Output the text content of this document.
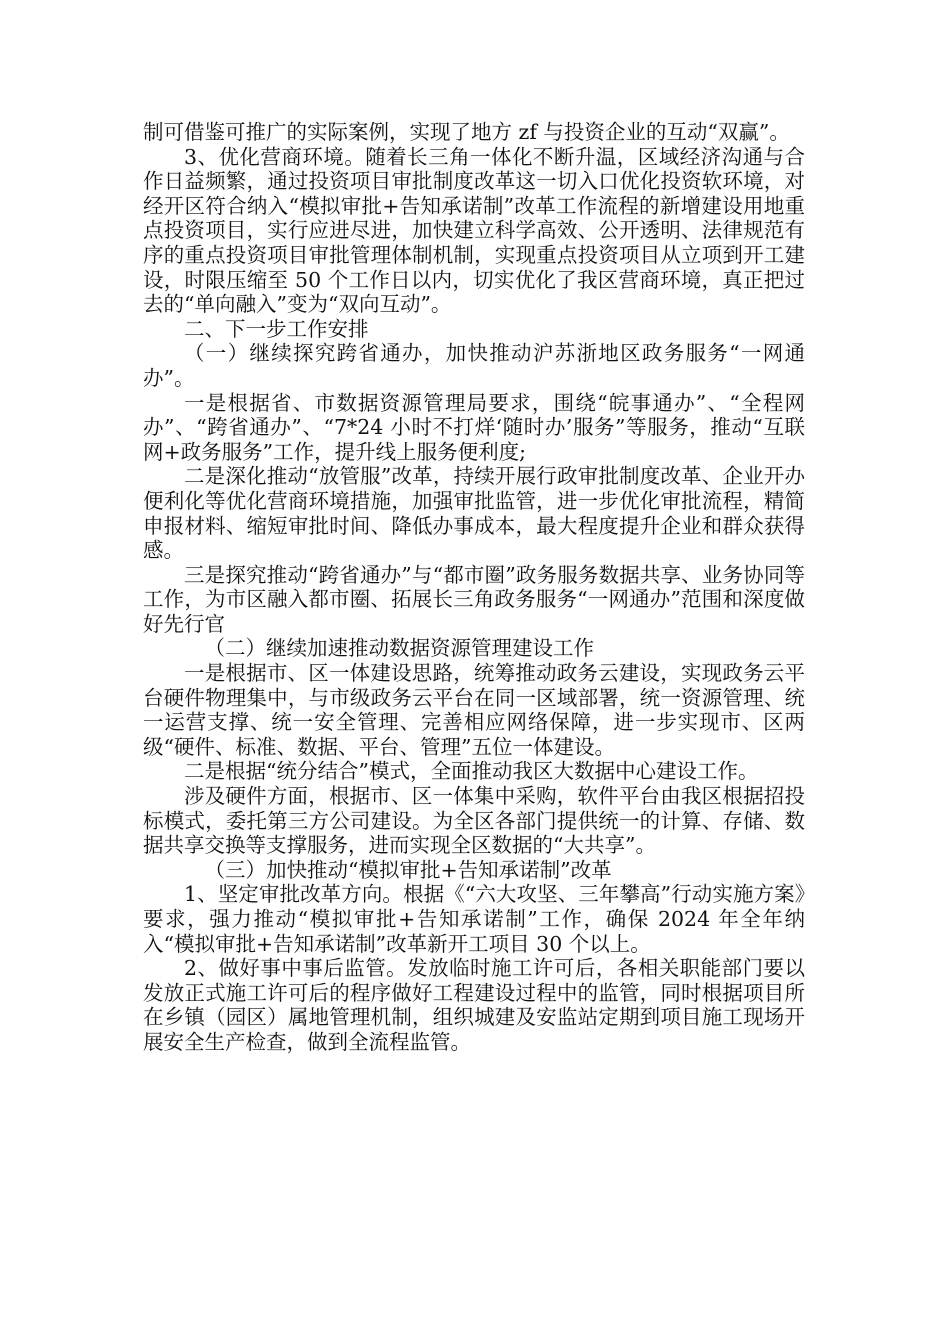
制可借鉴可推广的实际案例，实现了地方 zf 与投资企业的互动“双赢”。

3、优化营商环境。随着长三角一体化不断升温，区域经济沟通与合作日益频繁，通过投资项目审批制度改革这一切入口优化投资软环境，对经开区符合纳入“模拟审批+告知承诺制”改革工作流程的新增建设用地重点投资项目，实行应进尽进，加快建立科学高效、公开透明、法律规范有序的重点投资项目审批管理体制机制，实现重点投资项目从立项到开工建设，时限压缩至 50 个工作日以内，切实优化了我区营商环境，真正把过去的“单向融入”变为“双向互动”。

二、下一步工作安排

（一）继续探究跨省通办，加快推动沪苏浙地区政务服务“一网通办”。

一是根据省、市数据资源管理局要求，围绕“皖事通办”、“全程网办”、“跨省通办”、“7*24 小时不打烊‘随时办’服务”等服务，推动“互联网+政务服务”工作，提升线上服务便利度;

二是深化推动“放管服”改革，持续开展行政审批制度改革、企业开办便利化等优化营商环境措施，加强审批监管，进一步优化审批流程，精简申报材料、缩短审批时间、降低办事成本，最大程度提升企业和群众获得感。

三是探究推动“跨省通办”与“都市圈”政务服务数据共享、业务协同等工作，为市区融入都市圈、拓展长三角政务服务“一网通办”范围和深度做好先行官

（二）继续加速推动数据资源管理建设工作

一是根据市、区一体建设思路，统筹推动政务云建设，实现政务云平台硬件物理集中，与市级政务云平台在同一区域部署，统一资源管理、统一运营支撑、统一安全管理、完善相应网络保障，进一步实现市、区两级“硬件、标准、数据、平台、管理”五位一体建设。

二是根据“统分结合”模式，全面推动我区大数据中心建设工作。

涉及硬件方面，根据市、区一体集中采购，软件平台由我区根据招投标模式，委托第三方公司建设。为全区各部门提供统一的计算、存储、数据共享交换等支撑服务，进而实现全区数据的“大共享”。

（三）加快推动“模拟审批+告知承诺制”改革

1、坚定审批改革方向。根据《“六大攻坚、三年攀高”行动实施方案》要求，强力推动“模拟审批+告知承诺制”工作，确保 2024 年全年纳入“模拟审批+告知承诺制”改革新开工项目 30 个以上。

2、做好事中事后监管。发放临时施工许可后，各相关职能部门要以发放正式施工许可后的程序做好工程建设过程中的监管，同时根据项目所在乡镇（园区）属地管理机制，组织城建及安监站定期到项目施工现场开展安全生产检查，做到全流程监管。
